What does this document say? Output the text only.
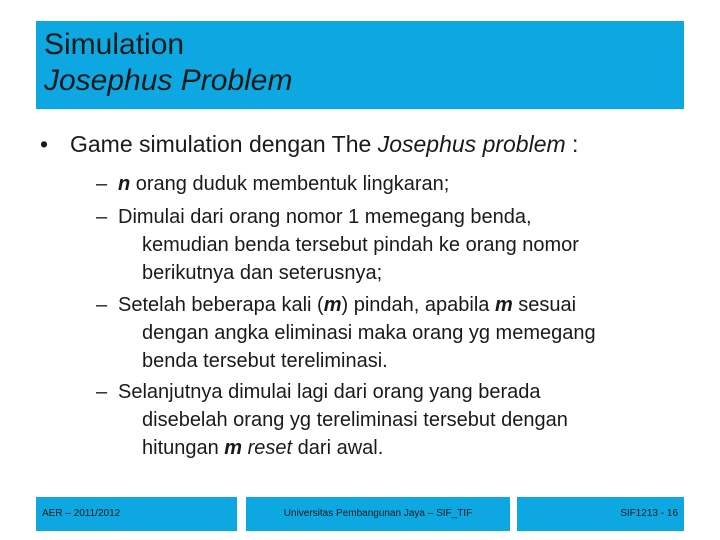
Simulation
Josephus Problem
• Game simulation dengan The Josephus problem :
– n orang duduk membentuk lingkaran;
– Dimulai dari orang nomor 1 memegang benda,
kemudian benda tersebut pindah ke orang nomor
berikutnya dan seterusnya;
– Setelah beberapa kali (m) pindah, apabila m sesuai
dengan angka eliminasi maka orang yg memegang
benda tersebut tereliminasi.
– Selanjutnya dimulai lagi dari orang yang berada
disebelah orang yg tereliminasi tersebut dengan
hitungan m reset dari awal.
AER – 2011/2012	Universitas Pembangunan Jaya – SIF_TIF	SIF1213 - 16
